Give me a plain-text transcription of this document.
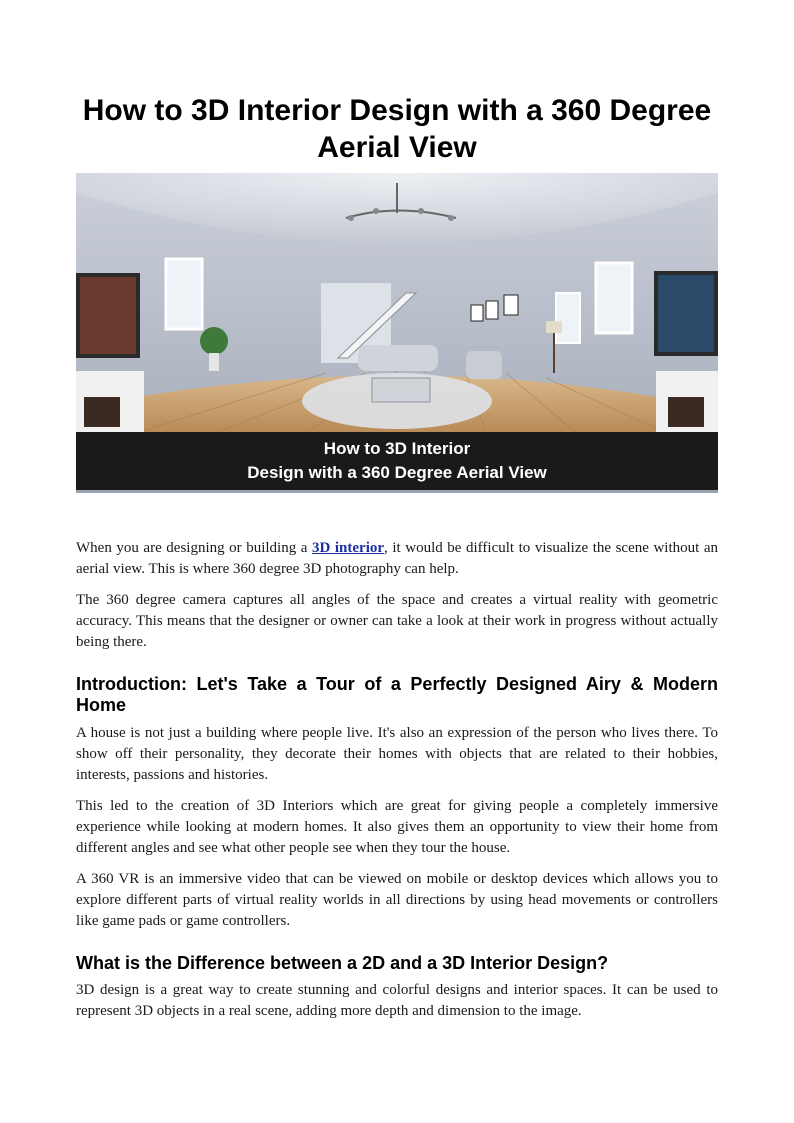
How to 3D Interior Design with a 360 Degree Aerial View
How to 3D Interior
Design with a 360 Degree Aerial View

When you are designing or building a 3D interior, it would be difficult to visualize the scene without an aerial view. This is where 360 degree 3D photography can help.

The 360 degree camera captures all angles of the space and creates a virtual reality with geometric accuracy. This means that the designer or owner can take a look at their work in progress without actually being there.

Introduction: Let's Take a Tour of a Perfectly Designed Airy & Modern Home

A house is not just a building where people live. It's also an expression of the person who lives there. To show off their personality, they decorate their homes with objects that are related to their hobbies, interests, passions and histories.

This led to the creation of 3D Interiors which are great for giving people a completely immersive experience while looking at modern homes. It also gives them an opportunity to view their home from different angles and see what other people see when they tour the house.

A 360 VR is an immersive video that can be viewed on mobile or desktop devices which allows you to explore different parts of virtual reality worlds in all directions by using head movements or controllers like game pads or game controllers.

What is the Difference between a 2D and a 3D Interior Design?

3D design is a great way to create stunning and colorful designs and interior spaces. It can be used to represent 3D objects in a real scene, adding more depth and dimension to the image.
